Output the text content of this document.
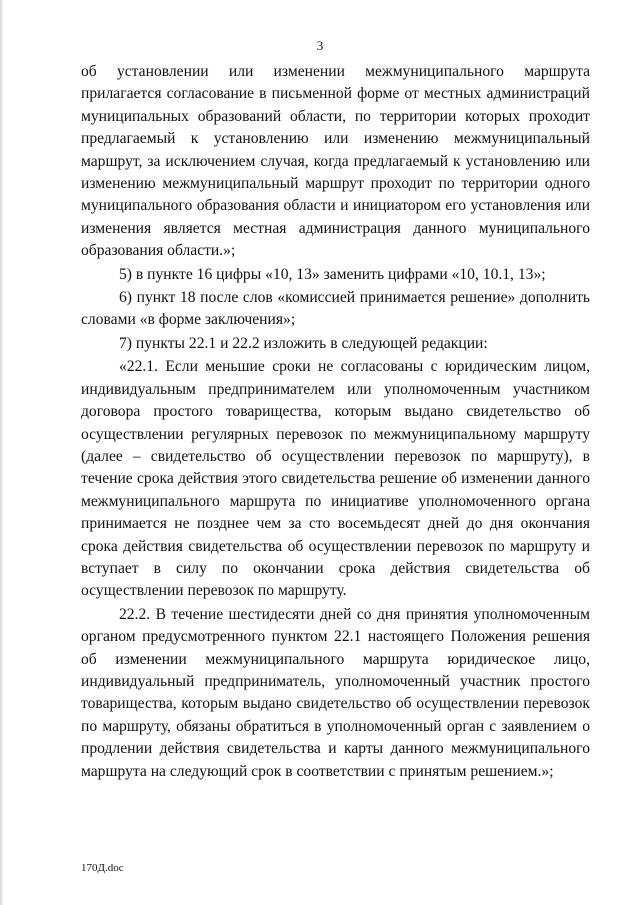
3

об установлении или изменении межмуниципального маршрута прилагается согласование в письменной форме от местных администраций муниципальных образований области, по территории которых проходит предлагаемый к установлению или изменению межмуниципальный маршрут, за исключением случая, когда предлагаемый к установлению или изменению межмуниципальный маршрут проходит по территории одного муниципального образования области и инициатором его установления или изменения является местная администрация данного муниципального образования области.»;

5) в пункте 16 цифры «10, 13» заменить цифрами «10, 10.1, 13»;

6) пункт 18 после слов «комиссией принимается решение» дополнить словами «в форме заключения»;

7) пункты 22.1 и 22.2 изложить в следующей редакции:

«22.1. Если меньшие сроки не согласованы с юридическим лицом, индивидуальным предпринимателем или уполномоченным участником договора простого товарищества, которым выдано свидетельство об осуществлении регулярных перевозок по межмуниципальному маршруту (далее – свидетельство об осуществлении перевозок по маршруту), в течение срока действия этого свидетельства решение об изменении данного межмуниципального маршрута по инициативе уполномоченного органа принимается не позднее чем за сто восемьдесят дней до дня окончания срока действия свидетельства об осуществлении перевозок по маршруту и вступает в силу по окончании срока действия свидетельства об осуществлении перевозок по маршруту.

22.2. В течение шестидесяти дней со дня принятия уполномоченным органом предусмотренного пунктом 22.1 настоящего Положения решения об изменении межмуниципального маршрута юридическое лицо, индивидуальный предприниматель, уполномоченный участник простого товарищества, которым выдано свидетельство об осуществлении перевозок по маршруту, обязаны обратиться в уполномоченный орган с заявлением о продлении действия свидетельства и карты данного межмуниципального маршрута на следующий срок в соответствии с принятым решением.»;

170Д.doc
